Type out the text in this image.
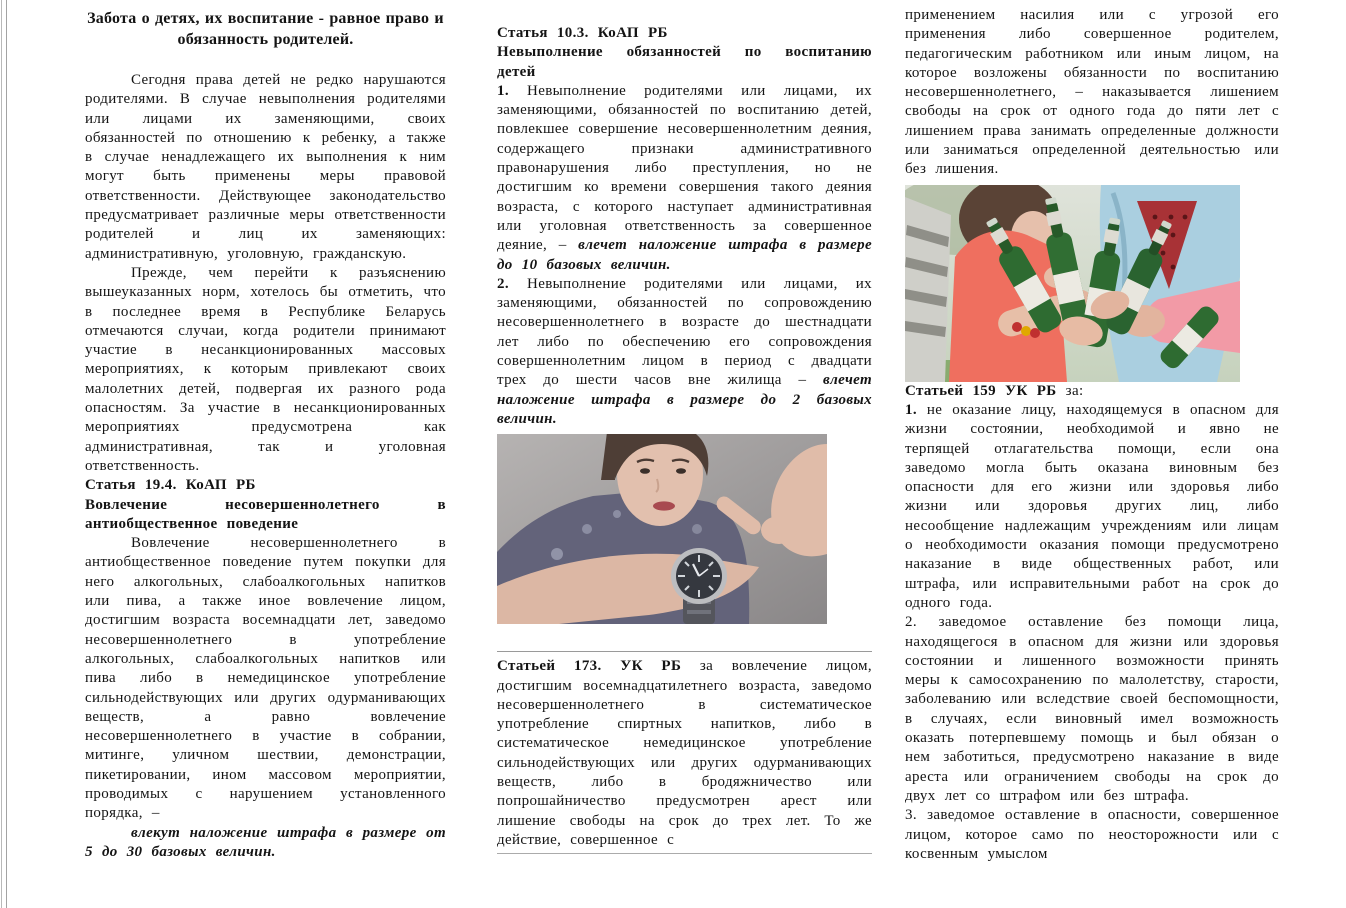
Забота о детях, их воспитание - равное право и обязанность родителей.

Сегодня права детей не редко нарушаются родителями. В случае невыполнения родителями или лицами их заменяющими, своих обязанностей по отношению к ребенку, а также в случае ненадлежащего их выполнения к ним могут быть применены меры правовой ответственности. Действующее законодательство предусматривает различные меры ответственности родителей и лиц их заменяющих: административную, уголовную, гражданскую.

Прежде, чем перейти к разъяснению вышеуказанных норм, хотелось бы отметить, что в последнее время в Республике Беларусь отмечаются случаи, когда родители принимают участие в несанкционированных массовых мероприятиях, к которым привлекают своих малолетних детей, подвергая их разного рода опасностям. За участие в несанкционированных мероприятиях предусмотрена как административная, так и уголовная ответственность.

Статья 19.4. КоАП РБ

Вовлечение несовершеннолетнего в антиобщественное поведение

Вовлечение несовершеннолетнего в антиобщественное поведение путем покупки для него алкогольных, слабоалкогольных напитков или пива, а также иное вовлечение лицом, достигшим возраста восемнадцати лет, заведомо несовершеннолетнего в употребление алкогольных, слабоалкогольных напитков или пива либо в немедицинское употребление сильнодействующих или других одурманивающих веществ, а равно вовлечение несовершеннолетнего в участие в собрании, митинге, уличном шествии, демонстрации, пикетировании, ином массовом мероприятии, проводимых с нарушением установленного порядка, –

влекут наложение штрафа в размере от 5 до 30 базовых величин.

Статья 10.3. КоАП РБ

Невыполнение обязанностей по воспитанию детей

1. Невыполнение родителями или лицами, их заменяющими, обязанностей по воспитанию детей, повлекшее совершение несовершеннолетним деяния, содержащего признаки административного правонарушения либо преступления, но не достигшим ко времени совершения такого деяния возраста, с которого наступает административная или уголовная ответственность за совершенное деяние, – влечет наложение штрафа в размере до 10 базовых величин.

2. Невыполнение родителями или лицами, их заменяющими, обязанностей по сопровождению несовершеннолетнего в возрасте до шестнадцати лет либо по обеспечению его сопровождения совершеннолетним лицом в период с двадцати трех до шести часов вне жилища – влечет наложение штрафа в размере до 2 базовых величин.

Статьей 173. УК РБ за вовлечение лицом, достигшим восемнадцатилетнего возраста, заведомо несовершеннолетнего в систематическое употребление спиртных напитков, либо в систематическое немедицинское употребление сильнодействующих или других одурманивающих веществ, либо в бродяжничество или попрошайничество предусмотрен арест или лишение свободы на срок до трех лет. То же действие, совершенное с

применением насилия или с угрозой его применения либо совершенное родителем, педагогическим работником или иным лицом, на которое возложены обязанности по воспитанию несовершеннолетнего, – наказывается лишением свободы на срок от одного года до пяти лет с лишением права занимать определенные должности или заниматься определенной деятельностью или без лишения.

Статьей 159 УК РБ за:

1. не оказание лицу, находящемуся в опасном для жизни состоянии, необходимой и явно не терпящей отлагательства помощи, если она заведомо могла быть оказана виновным без опасности для его жизни или здоровья либо жизни или здоровья других лиц, либо несообщение надлежащим учреждениям или лицам о необходимости оказания помощи предусмотрено наказание в виде общественных работ, или штрафа, или исправительными работ на срок до одного года.

2. заведомое оставление без помощи лица, находящегося в опасном для жизни или здоровья состоянии и лишенного возможности принять меры к самосохранению по малолетству, старости, заболеванию или вследствие своей беспомощности, в случаях, если виновный имел возможность оказать потерпевшему помощь и был обязан о нем заботиться, предусмотрено наказание в виде ареста или ограничением свободы на срок до двух лет со штрафом или без штрафа.

3. заведомое оставление в опасности, совершенное лицом, которое само по неосторожности или с косвенным умыслом
